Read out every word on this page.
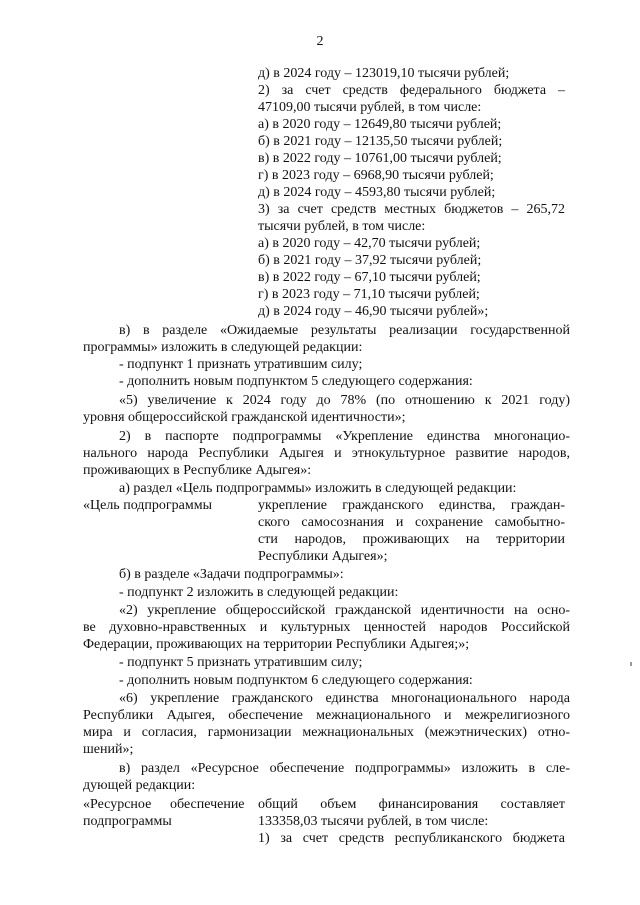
2
д) в 2024 году – 123019,10 тысячи рублей;
2) за счет средств федерального бюджета –
47109,00 тысячи рублей, в том числе:
а) в 2020 году – 12649,80 тысячи рублей;
б) в 2021 году – 12135,50 тысячи рублей;
в) в 2022 году – 10761,00 тысячи рублей;
г) в 2023 году – 6968,90 тысячи рублей;
д) в 2024 году – 4593,80 тысячи рублей;
3) за счет средств местных бюджетов – 265,72
тысячи рублей, в том числе:
а) в 2020 году – 42,70 тысячи рублей;
б) в 2021 году – 37,92 тысячи рублей;
в) в 2022 году – 67,10 тысячи рублей;
г) в 2023 году – 71,10 тысячи рублей;
д) в 2024 году – 46,90 тысячи рублей»;
в) в разделе «Ожидаемые результаты реализации государственной
программы» изложить в следующей редакции:
- подпункт 1 признать утратившим силу;
- дополнить новым подпунктом 5 следующего содержания:
«5) увеличение к 2024 году до 78% (по отношению к 2021 году)
уровня общероссийской гражданской идентичности»;
2) в паспорте подпрограммы «Укрепление единства многонацио-
нального народа Республики Адыгея и этнокультурное развитие народов,
проживающих в Республике Адыгея»:
а) раздел «Цель подпрограммы» изложить в следующей редакции:
«Цель подпрограммы	укрепление гражданского единства, граждан-
ского самосознания и сохранение самобытно-
сти народов, проживающих на территории
Республики Адыгея»;
б) в разделе «Задачи подпрограммы»:
- подпункт 2 изложить в следующей редакции:
«2) укрепление общероссийской гражданской идентичности на осно-
ве духовно-нравственных и культурных ценностей народов Российской
Федерации, проживающих на территории Республики Адыгея;»;
- подпункт 5 признать утратившим силу;
- дополнить новым подпунктом 6 следующего содержания:
«6) укрепление гражданского единства многонационального народа
Республики Адыгея, обеспечение межнационального и межрелигиозного
мира и согласия, гармонизации межнациональных (межэтнических) отно-
шений»;
в) раздел «Ресурсное обеспечение подпрограммы» изложить в сле-
дующей редакции:
«Ресурсное обеспечение
подпрограммы
общий объем финансирования составляет
133358,03 тысячи рублей, в том числе:
1) за счет средств республиканского бюджета
